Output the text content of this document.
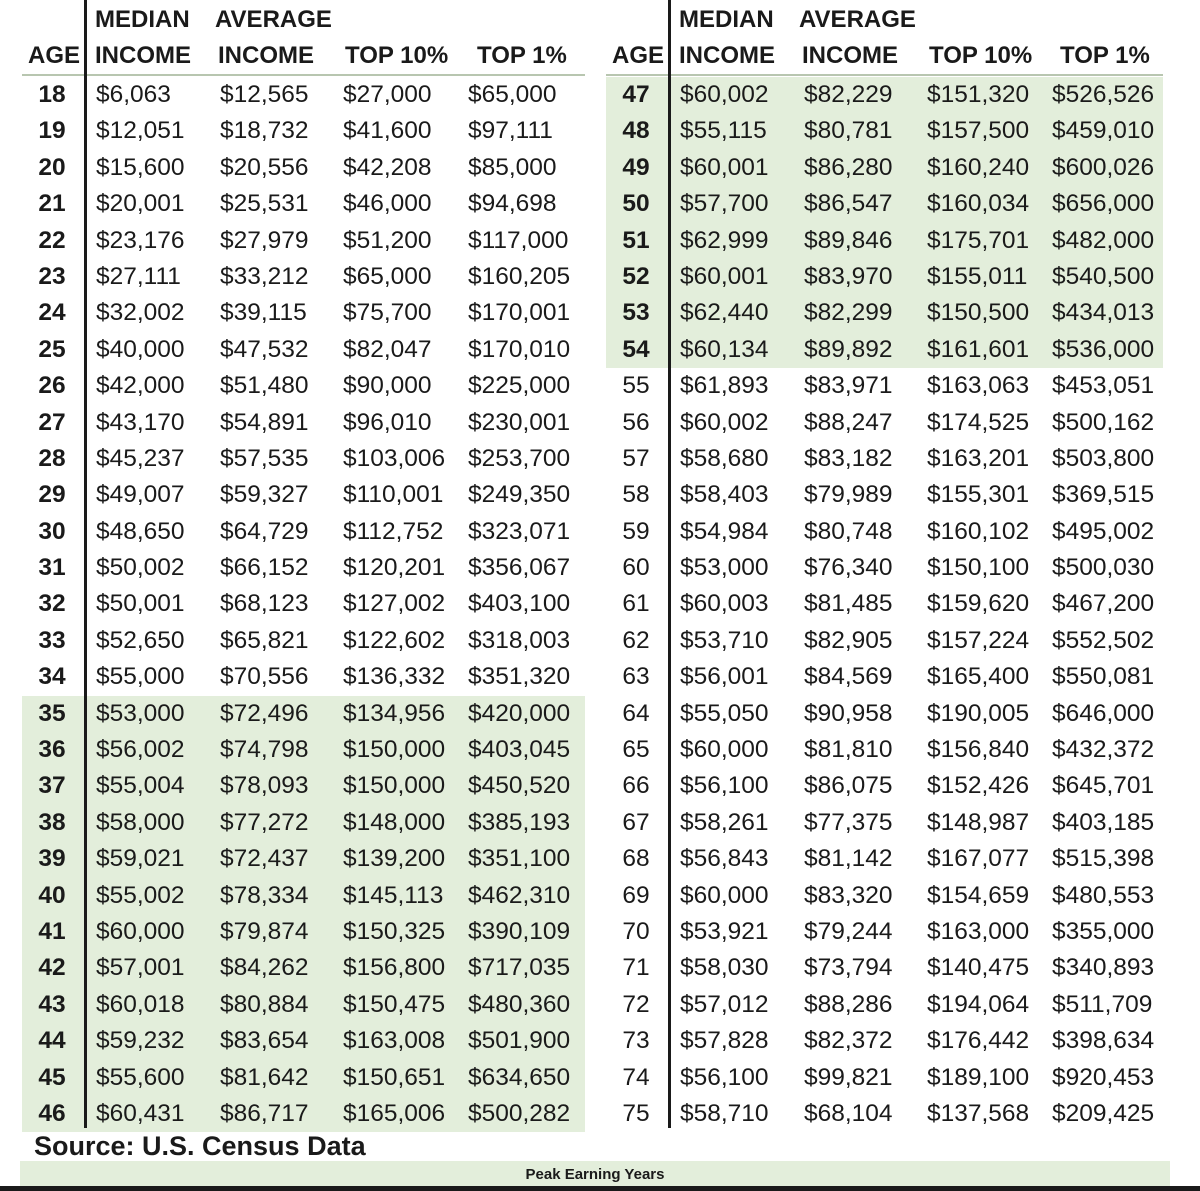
MEDIAN AVERAGE
AGE INCOME INCOME TOP 10% TOP 1%
18	$6,063 $12,565 $27,000 $65,000
19	$12,051 $18,732 $41,600 $97,111
20	$15,600 $20,556 $42,208 $85,000
21	$20,001 $25,531 $46,000 $94,698
22	$23,176 $27,979 $51,200 $117,000
23	$27,111 $33,212 $65,000 $160,205
24	$32,002 $39,115 $75,700 $170,001
25	$40,000 $47,532 $82,047 $170,010
26	$42,000 $51,480 $90,000 $225,000
27	$43,170 $54,891 $96,010 $230,001
28	$45,237 $57,535 $103,006 $253,700
29	$49,007 $59,327 $110,001 $249,350
30	$48,650 $64,729 $112,752 $323,071
31	$50,002 $66,152 $120,201 $356,067
32	$50,001 $68,123 $127,002 $403,100
33	$52,650 $65,821 $122,602 $318,003
34	$55,000 $70,556 $136,332 $351,320
35	$53,000 $72,496 $134,956 $420,000
36	$56,002 $74,798 $150,000 $403,045
37	$55,004 $78,093 $150,000 $450,520
38	$58,000 $77,272 $148,000 $385,193
39	$59,021 $72,437 $139,200 $351,100
40	$55,002 $78,334 $145,113 $462,310
41	$60,000 $79,874 $150,325 $390,109
42	$57,001 $84,262 $156,800 $717,035
43	$60,018 $80,884 $150,475 $480,360
44	$59,232 $83,654 $163,008 $501,900
45	$55,600 $81,642 $150,651 $634,650
46	$60,431 $86,717 $165,006 $500,282
MEDIAN AVERAGE
AGE INCOME INCOME TOP 10% TOP 1%
47	$60,002 $82,229 $151,320 $526,526
48	$55,115 $80,781 $157,500 $459,010
49	$60,001 $86,280 $160,240 $600,026
50	$57,700 $86,547 $160,034 $656,000
51	$62,999 $89,846 $175,701 $482,000
52	$60,001 $83,970 $155,011 $540,500
53	$62,440 $82,299 $150,500 $434,013
54	$60,134 $89,892 $161,601 $536,000
55	$61,893 $83,971 $163,063 $453,051
56	$60,002 $88,247 $174,525 $500,162
57	$58,680 $83,182 $163,201 $503,800
58	$58,403 $79,989 $155,301 $369,515
59	$54,984 $80,748 $160,102 $495,002
60	$53,000 $76,340 $150,100 $500,030
61	$60,003 $81,485 $159,620 $467,200
62	$53,710 $82,905 $157,224 $552,502
63	$56,001 $84,569 $165,400 $550,081
64	$55,050 $90,958 $190,005 $646,000
65	$60,000 $81,810 $156,840 $432,372
66	$56,100 $86,075 $152,426 $645,701
67	$58,261 $77,375 $148,987 $403,185
68	$56,843 $81,142 $167,077 $515,398
69	$60,000 $83,320 $154,659 $480,553
70	$53,921 $79,244 $163,000 $355,000
71	$58,030 $73,794 $140,475 $340,893
72	$57,012 $88,286 $194,064 $511,709
73	$57,828 $82,372 $176,442 $398,634
74	$56,100 $99,821 $189,100 $920,453
75	$58,710 $68,104 $137,568 $209,425
Source: U.S. Census Data
Peak Earning Years
